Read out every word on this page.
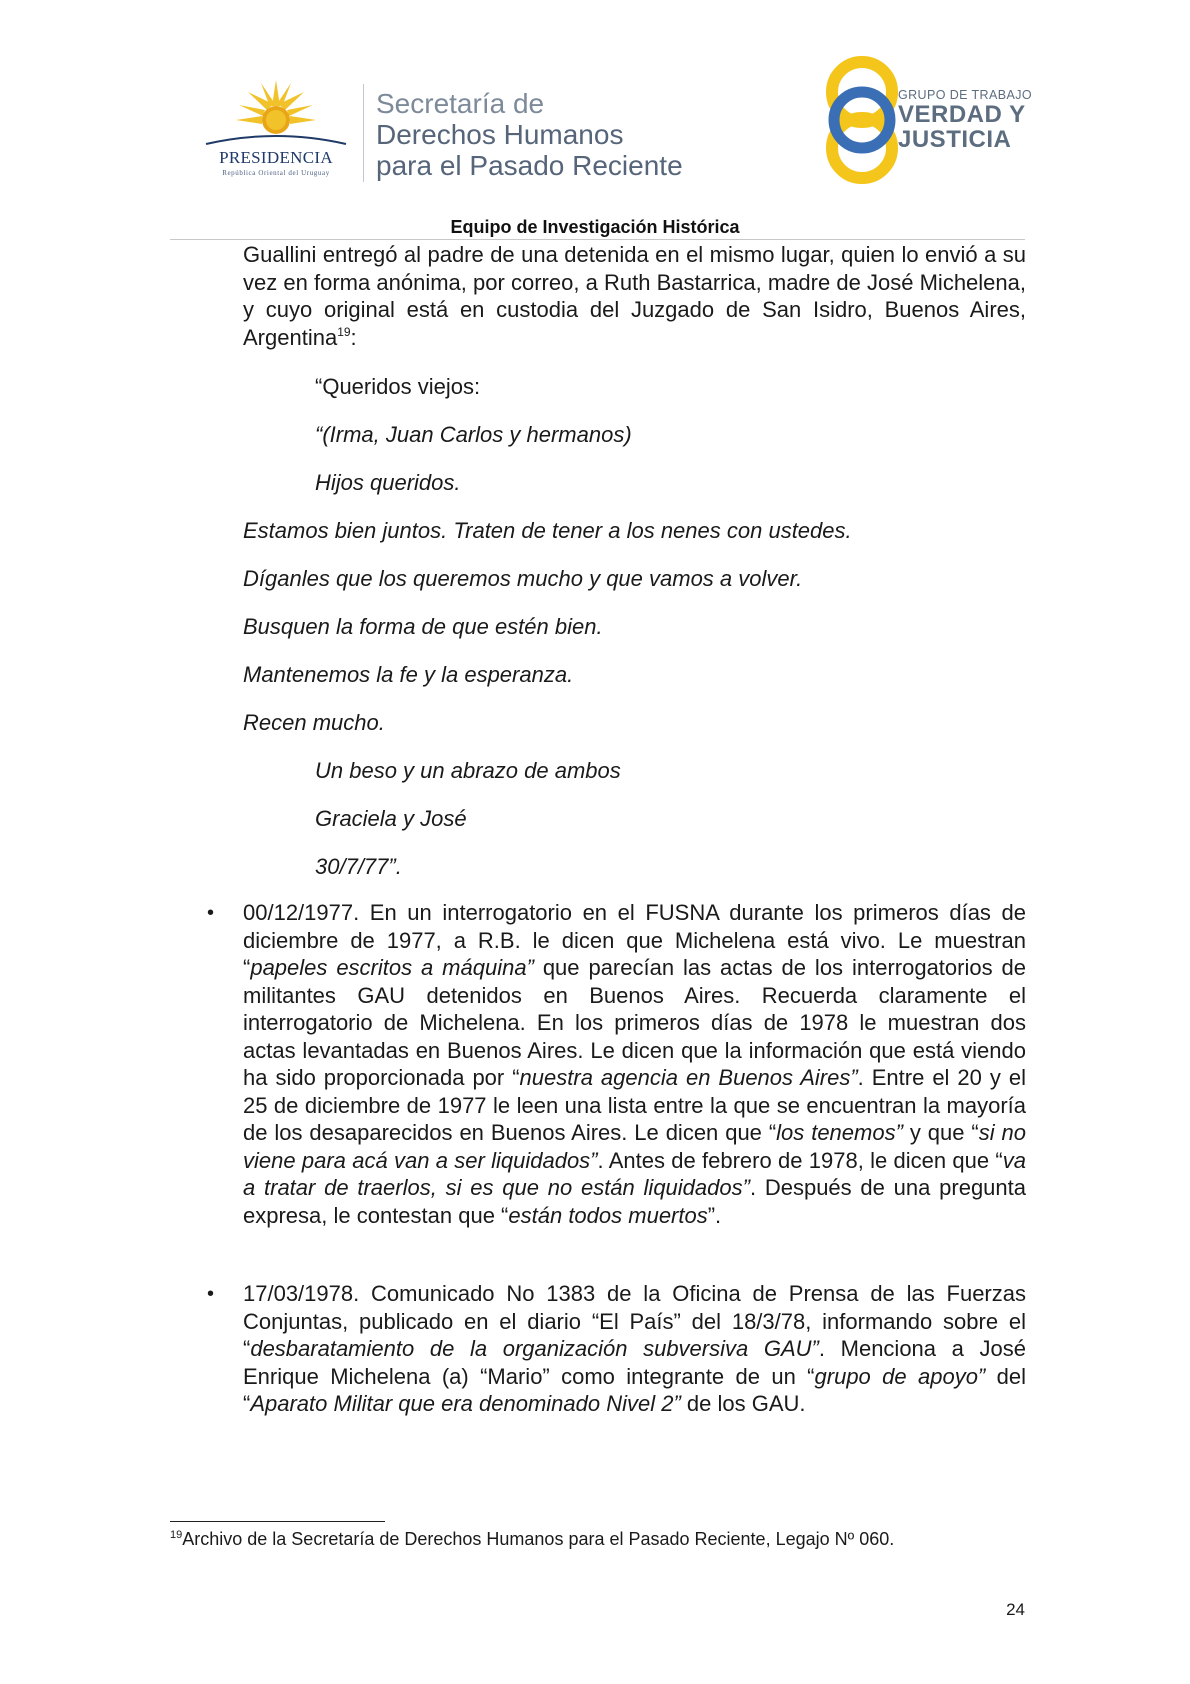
PRESIDENCIA
República Oriental del Uruguay
Secretaría de
Derechos Humanos
para el Pasado Reciente
GRUPO DE TRABAJO
VERDAD Y
JUSTICIA
Equipo de Investigación Histórica
Guallini entregó al padre de una detenida en el mismo lugar, quien lo envió a su vez en forma anónima, por correo, a Ruth Bastarrica, madre de José Michelena, y cuyo original está en custodia del Juzgado de San Isidro, Buenos Aires, Argentina$^{19}$:
“Queridos viejos:
“(Irma, Juan Carlos y hermanos)
Hijos queridos.
Estamos bien juntos. Traten de tener a los nenes con ustedes.
Díganles que los queremos mucho y que vamos a volver.
Busquen la forma de que estén bien.
Mantenemos la fe y la esperanza.
Recen mucho.
Un beso y un abrazo de ambos
Graciela y José
30/7/77”.
• 00/12/1977. En un interrogatorio en el FUSNA durante los primeros días de diciembre de 1977, a R.B. le dicen que Michelena está vivo. Le muestran “papeles escritos a máquina” que parecían las actas de los interrogatorios de militantes GAU detenidos en Buenos Aires. Recuerda claramente el interrogatorio de Michelena. En los primeros días de 1978 le muestran dos actas levantadas en Buenos Aires. Le dicen que la información que está viendo ha sido proporcionada por “nuestra agencia en Buenos Aires”. Entre el 20 y el 25 de diciembre de 1977 le leen una lista entre la que se encuentran la mayoría de los desaparecidos en Buenos Aires. Le dicen que “los tenemos” y que “si no viene para acá van a ser liquidados”. Antes de febrero de 1978, le dicen que “va a tratar de traerlos, si es que no están liquidados”. Después de una pregunta expresa, le contestan que “están todos muertos”.
• 17/03/1978. Comunicado No 1383 de la Oficina de Prensa de las Fuerzas Conjuntas, publicado en el diario “El País” del 18/3/78, informando sobre el “desbaratamiento de la organización subversiva GAU”. Menciona a José Enrique Michelena (a) “Mario” como integrante de un “grupo de apoyo” del “Aparato Militar que era denominado Nivel 2” de los GAU.
$^{19}$Archivo de la Secretaría de Derechos Humanos para el Pasado Reciente, Legajo Nº 060.
24
